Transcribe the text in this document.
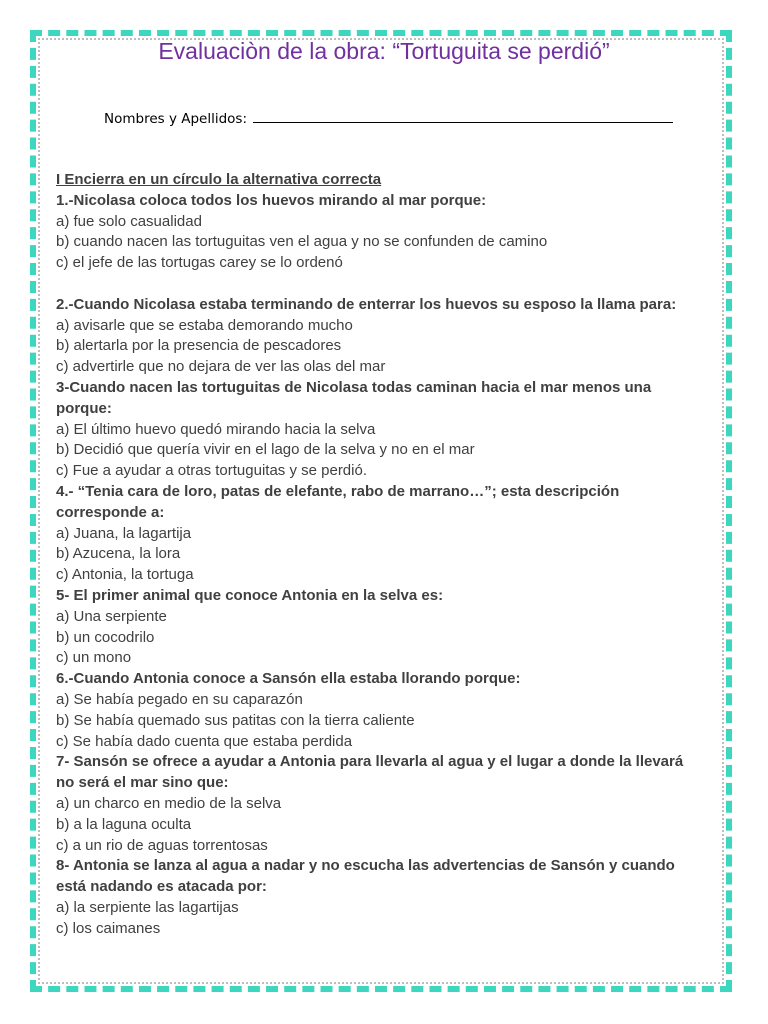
Evaluaciòn de la obra: “Tortuguita se perdió”
Nombres y Apellidos:
I Encierra en un círculo la alternativa correcta
1.-Nicolasa coloca todos los huevos mirando al mar porque:
a) fue solo casualidad
b) cuando nacen las tortuguitas ven el agua y no se confunden de camino
c) el jefe de las tortugas carey se lo ordenó
2.-Cuando Nicolasa estaba terminando de enterrar los huevos su esposo la llama para:
a) avisarle que se estaba demorando mucho
b) alertarla por la presencia de pescadores
c) advertirle que no dejara de ver las olas del mar
3-Cuando nacen las tortuguitas de Nicolasa todas caminan hacia el mar menos una
porque:
a) El último huevo quedó mirando hacia la selva
b) Decidió que quería vivir en el lago de la selva y no en el mar
c) Fue a ayudar a otras tortuguitas y se perdió.
4.- “Tenia cara de loro, patas de elefante, rabo de marrano…”; esta descripción
corresponde a:
a) Juana, la lagartija
b) Azucena, la lora
c) Antonia, la tortuga
5- El primer animal que conoce Antonia en la selva es:
a) Una serpiente
b) un cocodrilo
c) un mono
6.-Cuando Antonia conoce a Sansón ella estaba llorando porque:
a) Se había pegado en su caparazón
b) Se había quemado sus patitas con la tierra caliente
c) Se había dado cuenta que estaba perdida
7- Sansón se ofrece a ayudar a Antonia para llevarla al agua y el lugar a donde la llevará
no será el mar sino que:
a) un charco en medio de la selva
b) a la laguna oculta
c) a un rio de aguas torrentosas
8- Antonia se lanza al agua a nadar y no escucha las advertencias de Sansón y cuando
está nadando es atacada por:
a) la serpiente las lagartijas
c) los caimanes
